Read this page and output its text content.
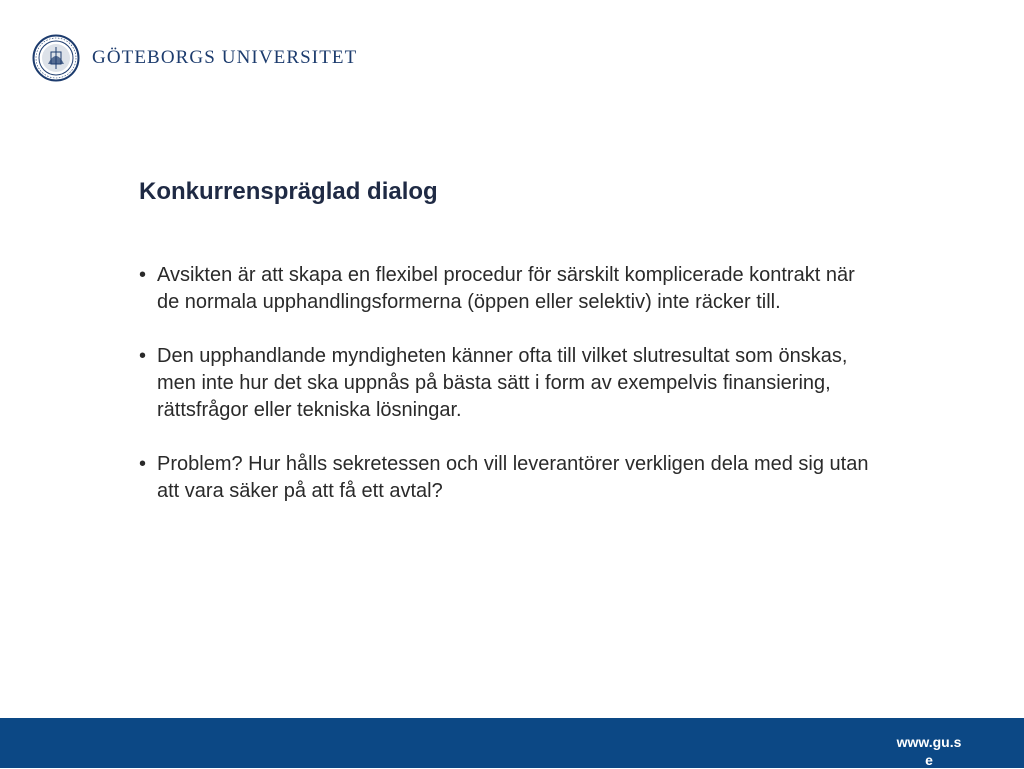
GÖTEBORGS UNIVERSITET
Konkurrenspräglad dialog
• Avsikten är att skapa en flexibel procedur för särskilt komplicerade kontrakt när de normala upphandlingsformerna (öppen eller selektiv) inte räcker till.
• Den upphandlande myndigheten känner ofta till vilket slutresultat som önskas, men inte hur det ska uppnås på bästa sätt i form av exempelvis finansiering, rättsfrågor eller tekniska lösningar.
• Problem? Hur hålls sekretessen och vill leverantörer verkligen dela med sig utan att vara säker på att få ett avtal?
www.gu.se
